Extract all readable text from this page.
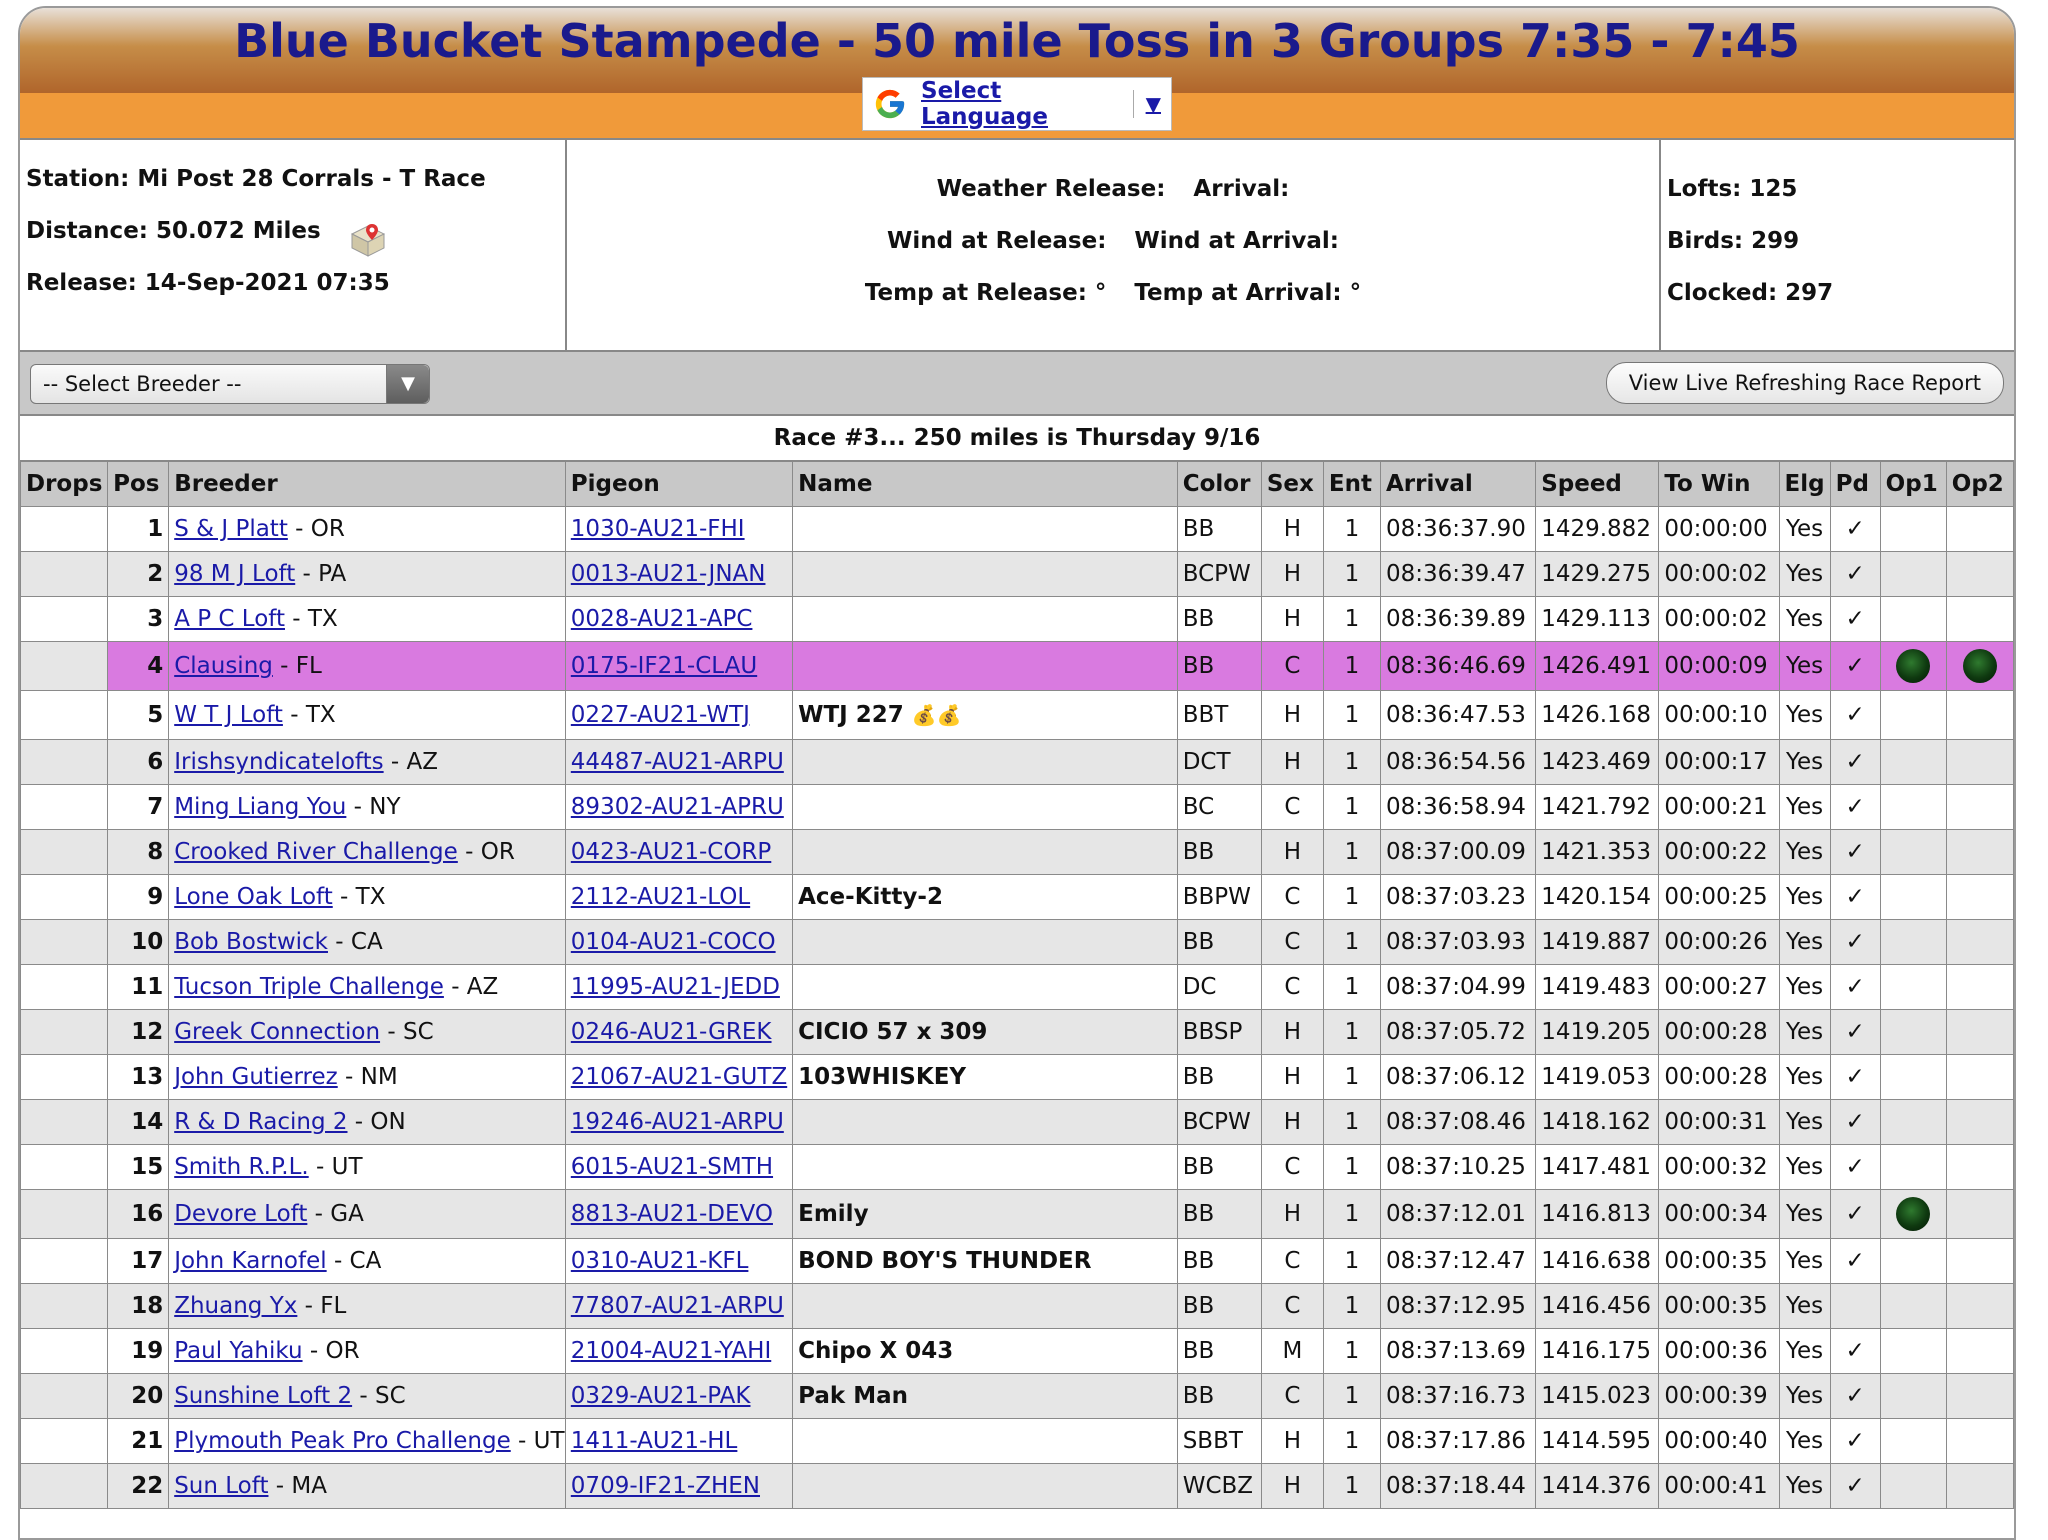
Blue Bucket Stampede - 50 mile Toss in 3 Groups 7:35 - 7:45
Select Language	▼
Station: Mi Post 28 Corrals - T Race
Distance: 50.072 Miles
Release: 14-Sep-2021 07:35
Weather Release: Arrival:
Wind at Release: Wind at Arrival:
Temp at Release: ° Temp at Arrival: °
Lofts: 125
Birds: 299
Clocked: 297
-- Select Breeder --	▼	View Live Refreshing Race Report
Race #3... 250 miles is Thursday 9/16
Drops	Pos	Breeder	Pigeon	Name	Color	Sex	Ent	Arrival	Speed	To Win	Elg	Pd	Op1	Op2
	1	S & J Platt - OR	1030-AU21-FHI		BB	H	1	08:36:37.90	1429.882	00:00:00	Yes	✓		
	2	98 M J Loft - PA	0013-AU21-JNAN		BCPW	H	1	08:36:39.47	1429.275	00:00:02	Yes	✓		
	3	A P C Loft - TX	0028-AU21-APC		BB	H	1	08:36:39.89	1429.113	00:00:02	Yes	✓		
	4	Clausing - FL	0175-IF21-CLAU		BB	C	1	08:36:46.69	1426.491	00:00:09	Yes	✓		
	5	W T J Loft - TX	0227-AU21-WTJ	WTJ 227 💰💰	BBT	H	1	08:36:47.53	1426.168	00:00:10	Yes	✓		
	6	Irishsyndicatelofts - AZ	44487-AU21-ARPU		DCT	H	1	08:36:54.56	1423.469	00:00:17	Yes	✓		
	7	Ming Liang You - NY	89302-AU21-APRU		BC	C	1	08:36:58.94	1421.792	00:00:21	Yes	✓		
	8	Crooked River Challenge - OR	0423-AU21-CORP		BB	H	1	08:37:00.09	1421.353	00:00:22	Yes	✓		
	9	Lone Oak Loft - TX	2112-AU21-LOL	Ace-Kitty-2	BBPW	C	1	08:37:03.23	1420.154	00:00:25	Yes	✓		
	10	Bob Bostwick - CA	0104-AU21-COCO		BB	C	1	08:37:03.93	1419.887	00:00:26	Yes	✓		
	11	Tucson Triple Challenge - AZ	11995-AU21-JEDD		DC	C	1	08:37:04.99	1419.483	00:00:27	Yes	✓		
	12	Greek Connection - SC	0246-AU21-GREK	CICIO 57 x 309	BBSP	H	1	08:37:05.72	1419.205	00:00:28	Yes	✓		
	13	John Gutierrez - NM	21067-AU21-GUTZ	103WHISKEY	BB	H	1	08:37:06.12	1419.053	00:00:28	Yes	✓		
	14	R & D Racing 2 - ON	19246-AU21-ARPU		BCPW	H	1	08:37:08.46	1418.162	00:00:31	Yes	✓		
	15	Smith R.P.L. - UT	6015-AU21-SMTH		BB	C	1	08:37:10.25	1417.481	00:00:32	Yes	✓		
	16	Devore Loft - GA	8813-AU21-DEVO	Emily	BB	H	1	08:37:12.01	1416.813	00:00:34	Yes	✓		
	17	John Karnofel - CA	0310-AU21-KFL	BOND BOY'S THUNDER	BB	C	1	08:37:12.47	1416.638	00:00:35	Yes	✓		
	18	Zhuang Yx - FL	77807-AU21-ARPU		BB	C	1	08:37:12.95	1416.456	00:00:35	Yes			
	19	Paul Yahiku - OR	21004-AU21-YAHI	Chipo X 043	BB	M	1	08:37:13.69	1416.175	00:00:36	Yes	✓		
	20	Sunshine Loft 2 - SC	0329-AU21-PAK	Pak Man	BB	C	1	08:37:16.73	1415.023	00:00:39	Yes	✓		
	21	Plymouth Peak Pro Challenge - UT	1411-AU21-HL		SBBT	H	1	08:37:17.86	1414.595	00:00:40	Yes	✓		
	22	Sun Loft - MA	0709-IF21-ZHEN		WCBZ	H	1	08:37:18.44	1414.376	00:00:41	Yes	✓		
